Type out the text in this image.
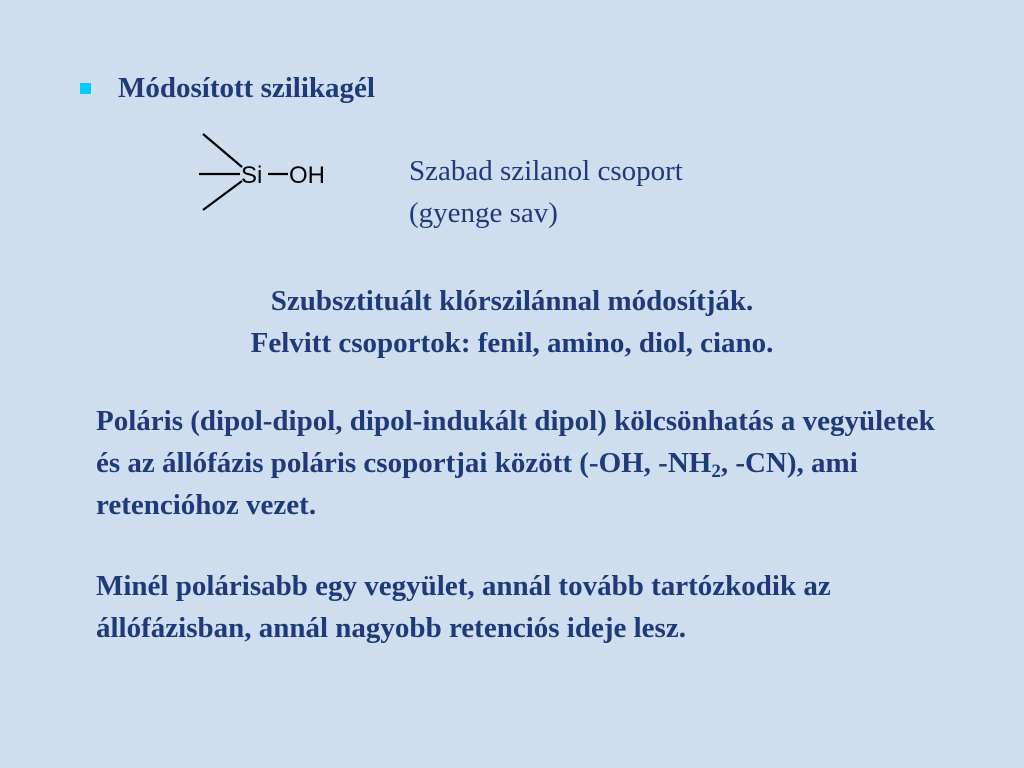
Módosított szilikagél
Si OH	Szabad szilanol csoport
(gyenge sav)
Szubsztituált klórszilánnal módosítják.
Felvitt csoportok: fenil, amino, diol, ciano.
Poláris (dipol-dipol, dipol-indukált dipol) kölcsönhatás a vegyületek és az állófázis poláris csoportjai között (-OH, $-NH_2$, -CN), ami retencióhoz vezet.
Minél polárisabb egy vegyület, annál tovább tartózkodik az állófázisban, annál nagyobb retenciós ideje lesz.
